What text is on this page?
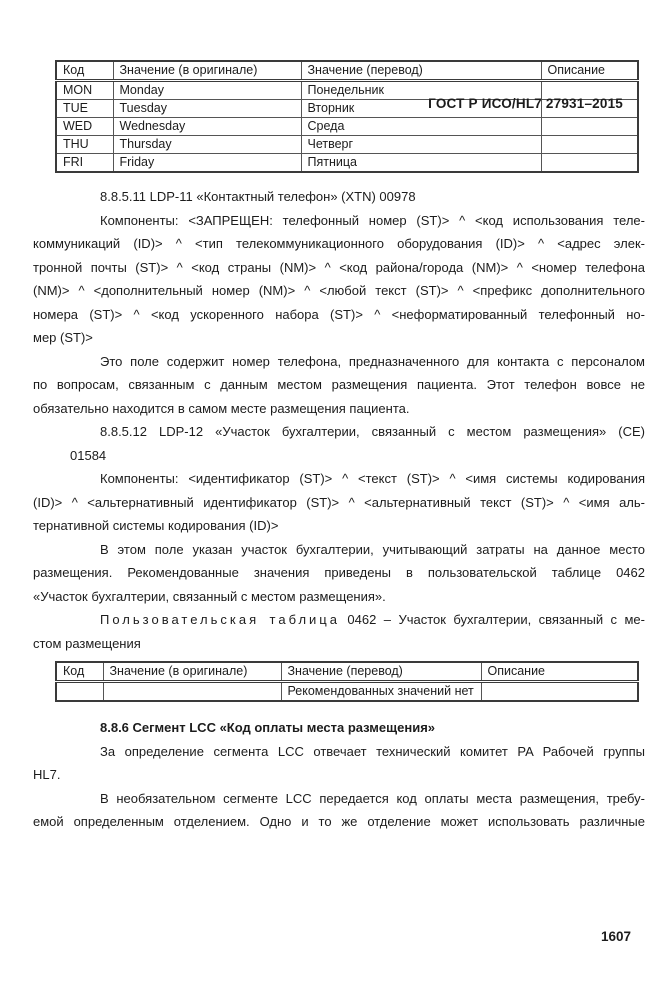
ГОСТ Р ИСО/HL7 27931–2015
Код	Значение (в оригинале)	Значение (перевод)	Описание
MON	Monday	Понедельник	
TUE	Tuesday	Вторник	
WED	Wednesday	Среда	
THU	Thursday	Четверг	
FRI	Friday	Пятница	
8.8.5.11 LDP-11 «Контактный телефон» (XTN) 00978
Компоненты: <ЗАПРЕЩЕН: телефонный номер (ST)> ^ <код использования теле-
коммуникаций (ID)> ^ <тип телекоммуникационного оборудования (ID)> ^ <адрес элек-
тронной почты (ST)> ^ <код страны (NM)> ^ <код района/города (NM)> ^ <номер телефона
(NM)> ^ <дополнительный номер (NM)> ^ <любой текст (ST)> ^ <префикс дополнительного
номера (ST)> ^ <код ускоренного набора (ST)> ^ <неформатированный телефонный но-
мер (ST)>
Это поле содержит номер телефона, предназначенного для контакта с персоналом
по вопросам, связанным с данным местом размещения пациента. Этот телефон вовсе не
обязательно находится в самом месте размещения пациента.
8.8.5.12 LDP-12 «Участок бухгалтерии, связанный с местом размещения» (CE)
01584
Компоненты: <идентификатор (ST)> ^ <текст (ST)> ^ <имя системы кодирования
(ID)> ^ <альтернативный идентификатор (ST)> ^ <альтернативный текст (ST)> ^ <имя аль-
тернативной системы кодирования (ID)>
В этом поле указан участок бухгалтерии, учитывающий затраты на данное место
размещения. Рекомендованные значения приведены в пользовательской таблице 0462
«Участок бухгалтерии, связанный с местом размещения».
Пользовательская таблица 0462 – Участок бухгалтерии, связанный с ме-
стом размещения
Код	Значение (в оригинале)	Значение (перевод)	Описание
		Рекомендованных значений нет	
8.8.6 Сегмент LCC «Код оплаты места размещения»
За определение сегмента LCC отвечает технический комитет PA Рабочей группы
HL7.
В необязательном сегменте LCC передается код оплаты места размещения, требу-
емой определенным отделением. Одно и то же отделение может использовать различные
1607
